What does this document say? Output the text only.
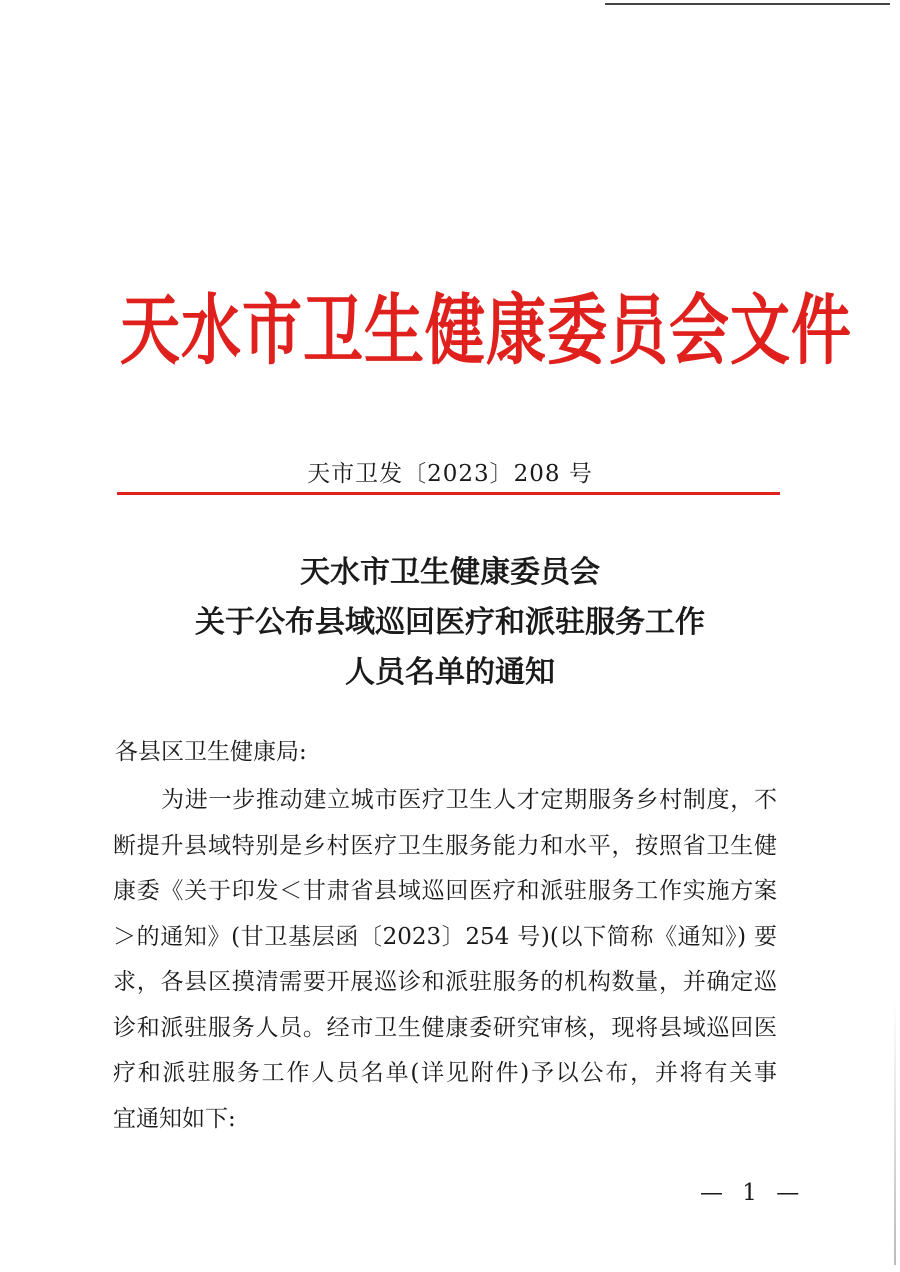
天水市卫生健康委员会文件
天市卫发〔2023〕208 号
天水市卫生健康委员会
关于公布县域巡回医疗和派驻服务工作
人员名单的通知
各县区卫生健康局:
为进一步推动建立城市医疗卫生人才定期服务乡村制度，不
断提升县域特别是乡村医疗卫生服务能力和水平，按照省卫生健
康委《关于印发＜甘肃省县域巡回医疗和派驻服务工作实施方案
＞的通知》(甘卫基层函〔2023〕254 号)(以下简称《通知》) 要
求，各县区摸清需要开展巡诊和派驻服务的机构数量，并确定巡
诊和派驻服务人员。经市卫生健康委研究审核，现将县域巡回医
疗和派驻服务工作人员名单(详见附件)予以公布，并将有关事
宜通知如下:
— 1 —
